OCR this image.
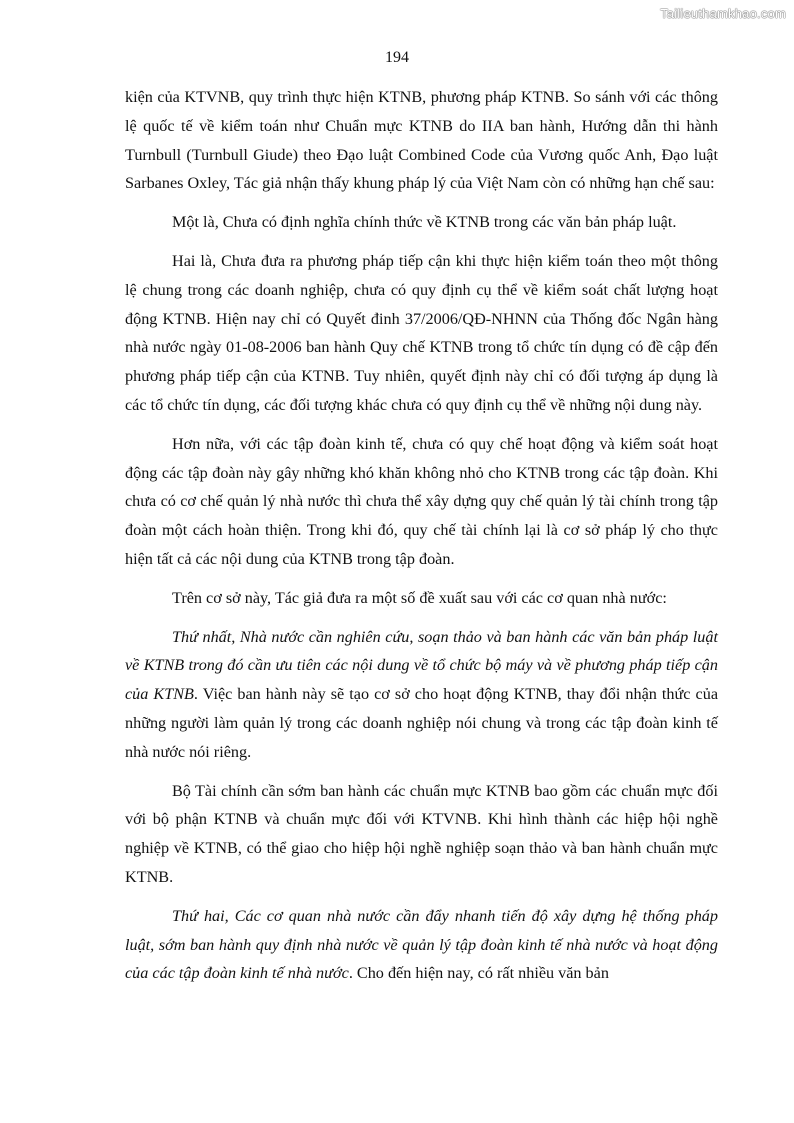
Tailieuthamkhao.com
194

kiện của KTVNB, quy trình thực hiện KTNB, phương pháp KTNB. So sánh với các thông lệ quốc tế về kiểm toán như Chuẩn mực KTNB do IIA ban hành, Hướng dẫn thi hành Turnbull (Turnbull Giude) theo Đạo luật Combined Code của Vương quốc Anh, Đạo luật Sarbanes Oxley, Tác giả nhận thấy khung pháp lý của Việt Nam còn có những hạn chế sau:

Một là, Chưa có định nghĩa chính thức về KTNB trong các văn bản pháp luật.

Hai là, Chưa đưa ra phương pháp tiếp cận khi thực hiện kiểm toán theo một thông lệ chung trong các doanh nghiệp, chưa có quy định cụ thể về kiểm soát chất lượng hoạt động KTNB. Hiện nay chỉ có Quyết đinh 37/2006/QĐ-NHNN của Thống đốc Ngân hàng nhà nước ngày 01-08-2006 ban hành Quy chế KTNB trong tổ chức tín dụng có đề cập đến phương pháp tiếp cận của KTNB. Tuy nhiên, quyết định này chỉ có đối tượng áp dụng là các tổ chức tín dụng, các đối tượng khác chưa có quy định cụ thể về những nội dung này.

Hơn nữa, với các tập đoàn kinh tế, chưa có quy chế hoạt động và kiểm soát hoạt động các tập đoàn này gây những khó khăn không nhỏ cho KTNB trong các tập đoàn. Khi chưa có cơ chế quản lý nhà nước thì chưa thể xây dựng quy chế quản lý tài chính trong tập đoàn một cách hoàn thiện. Trong khi đó, quy chế tài chính lại là cơ sở pháp lý cho thực hiện tất cả các nội dung của KTNB trong tập đoàn.

Trên cơ sở này, Tác giả đưa ra một số đề xuất sau với các cơ quan nhà nước:

Thứ nhất, Nhà nước cần nghiên cứu, soạn thảo và ban hành các văn bản pháp luật về KTNB trong đó cần ưu tiên các nội dung về tổ chức bộ máy và về phương pháp tiếp cận của KTNB. Việc ban hành này sẽ tạo cơ sở cho hoạt động KTNB, thay đổi nhận thức của những người làm quản lý trong các doanh nghiệp nói chung và trong các tập đoàn kinh tế nhà nước nói riêng.

Bộ Tài chính cần sớm ban hành các chuẩn mực KTNB bao gồm các chuẩn mực đối với bộ phận KTNB và chuẩn mực đối với KTVNB. Khi hình thành các hiệp hội nghề nghiệp về KTNB, có thể giao cho hiệp hội nghề nghiệp soạn thảo và ban hành chuẩn mực KTNB.

Thứ hai, Các cơ quan nhà nước cần đẩy nhanh tiến độ xây dựng hệ thống pháp luật, sớm ban hành quy định nhà nước về quản lý tập đoàn kinh tế nhà nước và hoạt động của các tập đoàn kinh tế nhà nước. Cho đến hiện nay, có rất nhiều văn bản
